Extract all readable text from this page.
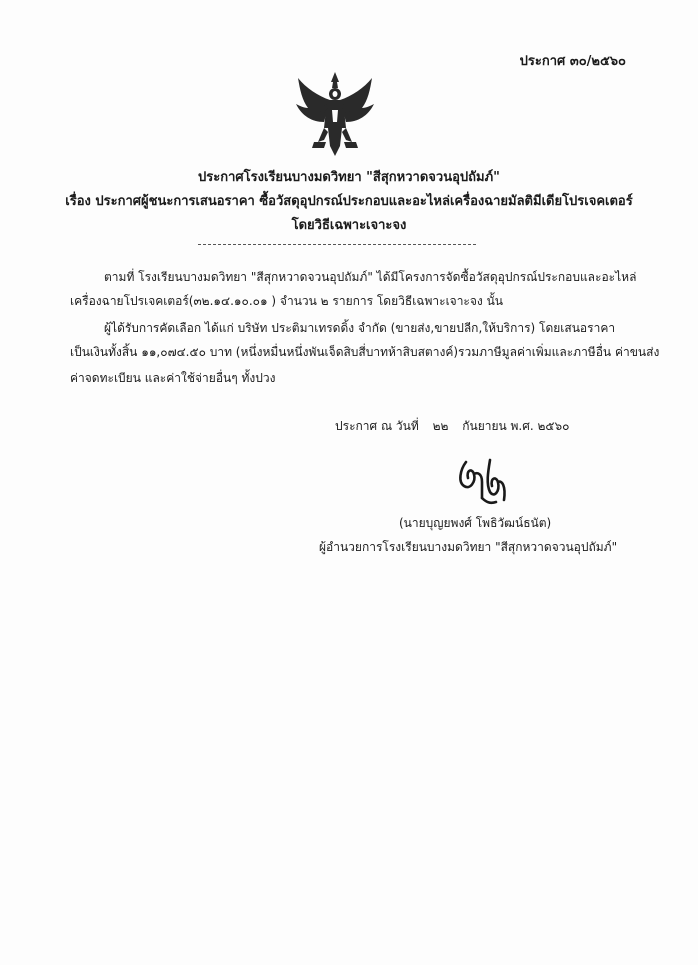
ประกาศ ๓๐/๒๕๖๐
ประกาศโรงเรียนบางมดวิทยา "สีสุกหวาดจวนอุปถัมภ์"
เรื่อง ประกาศผู้ชนะการเสนอราคา ซื้อวัสดุอุปกรณ์ประกอบและอะไหล่เครื่องฉายมัลติมีเดียโปรเจคเตอร์
โดยวิธีเฉพาะเจาะจง
ตามที่ โรงเรียนบางมดวิทยา "สีสุกหวาดจวนอุปถัมภ์" ได้มีโครงการจัดซื้อวัสดุอุปกรณ์ประกอบและอะไหล่
เครื่องฉายโปรเจคเตอร์(๓๒.๑๔.๑๐.๐๑ ) จำนวน ๒ รายการ โดยวิธีเฉพาะเจาะจง นั้น
ผู้ได้รับการคัดเลือก ได้แก่ บริษัท ประติมาเทรดดิ้ง จำกัด (ขายส่ง,ขายปลีก,ให้บริการ) โดยเสนอราคา
เป็นเงินทั้งสิ้น ๑๑,๐๗๔.๕๐ บาท (หนึ่งหมื่นหนึ่งพันเจ็ดสิบสี่บาทห้าสิบสตางค์)รวมภาษีมูลค่าเพิ่มและภาษีอื่น ค่าขนส่ง
ค่าจดทะเบียน และค่าใช้จ่ายอื่นๆ ทั้งปวง
ประกาศ ณ วันที่ ๒๒ กันยายน พ.ศ. ๒๕๖๐
(นายบุญยพงศ์ โพธิวัฒน์ธนัต)
ผู้อำนวยการโรงเรียนบางมดวิทยา "สีสุกหวาดจวนอุปถัมภ์"
